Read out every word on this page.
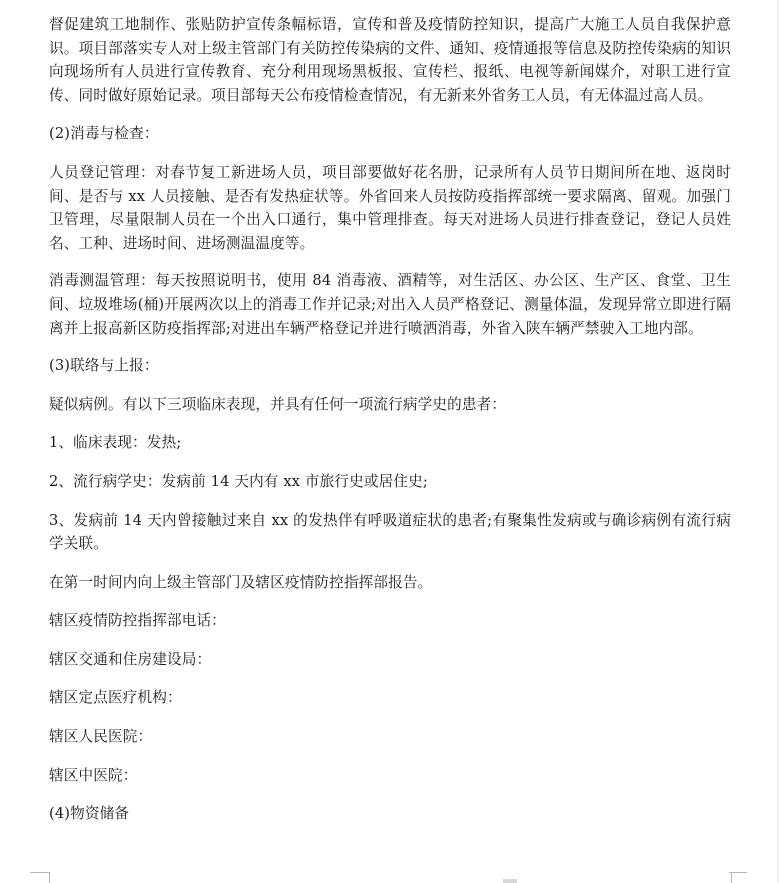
督促建筑工地制作、张贴防护宣传条幅标语，宣传和普及疫情防控知识，提高广大施工人员自我保护意识。项目部落实专人对上级主管部门有关防控传染病的文件、通知、疫情通报等信息及防控传染病的知识向现场所有人员进行宣传教育、充分利用现场黑板报、宣传栏、报纸、电视等新闻媒介，对职工进行宣传、同时做好原始记录。项目部每天公布疫情检查情况，有无新来外省务工人员，有无体温过高人员。

(2)消毒与检查：

人员登记管理：对春节复工新进场人员，项目部要做好花名册，记录所有人员节日期间所在地、返岗时间、是否与 xx 人员接触、是否有发热症状等。外省回来人员按防疫指挥部统一要求隔离、留观。加强门卫管理，尽量限制人员在一个出入口通行，集中管理排查。每天对进场人员进行排查登记，登记人员姓名、工种、进场时间、进场测温温度等。

消毒测温管理：每天按照说明书，使用 84 消毒液、酒精等，对生活区、办公区、生产区、食堂、卫生间、垃圾堆场(桶)开展两次以上的消毒工作并记录;对出入人员严格登记、测量体温，发现异常立即进行隔离并上报高新区防疫指挥部;对进出车辆严格登记并进行喷洒消毒，外省入陕车辆严禁驶入工地内部。

(3)联络与上报：

疑似病例。有以下三项临床表现，并具有任何一项流行病学史的患者：

1、临床表现：发热;

2、流行病学史：发病前 14 天内有 xx 市旅行史或居住史;

3、发病前 14 天内曾接触过来自 xx 的发热伴有呼吸道症状的患者;有聚集性发病或与确诊病例有流行病学关联。

在第一时间内向上级主管部门及辖区疫情防控指挥部报告。

辖区疫情防控指挥部电话：

辖区交通和住房建设局：

辖区定点医疗机构：

辖区人民医院：

辖区中医院：

(4)物资储备
